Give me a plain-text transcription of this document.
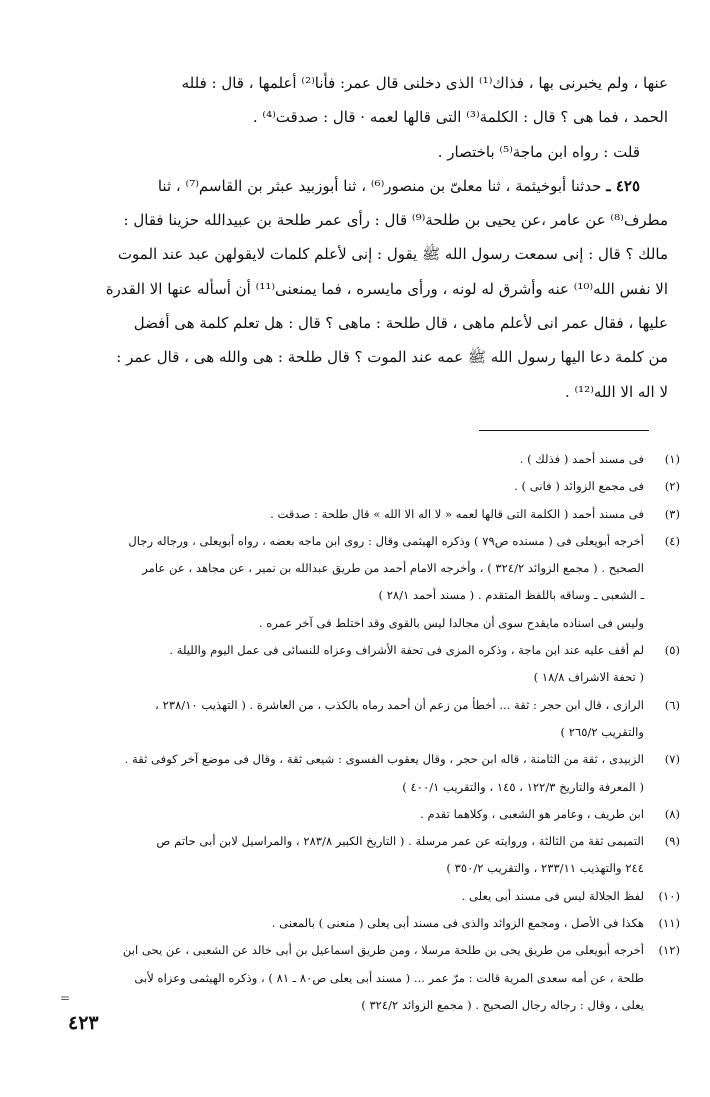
عنها ، ولم يخبرنى بها ، فذاك⁽¹⁾ الذى دخلنى قال عمر: فأنا⁽²⁾ أعلمها ، قال : فلله

الحمد ، فما هى ؟ قال : الكلمة⁽³⁾ التى قالها لعمه · قال : صدقت⁽⁴⁾ .

قلت : رواه ابن ماجة⁽⁵⁾ باختصار .

٤٢٥ ـ حدثنا أبوخيثمة ، ثنا معلىّ بن منصور⁽⁶⁾ ، ثنا أبوزبيد عبثر بن القاسم⁽⁷⁾ ، ثنا

مطرف⁽⁸⁾ عن عامر ،عن يحيى بن طلحة⁽⁹⁾ قال : رأى عمر طلحة بن عبيدالله حزينا فقال :

مالك ؟ قال : إنى سمعت رسول الله ﷺ يقول : إنى لأعلم كلمات لايقولهن عبد عند الموت

الا نفس الله⁽¹⁰⁾ عنه وأشرق له لونه ، ورأى مايسره ، فما يمنعنى⁽¹¹⁾ أن أسأله عنها الا القدرة

عليها ، فقال عمر انى لأعلم ماهى ، قال طلحة : ماهى ؟ قال : هل تعلم كلمة هى أفضل

من كلمة دعا اليها رسول الله ﷺ عمه عند الموت ؟ قال طلحة : هى والله هى ، قال عمر :

لا اله الا الله⁽¹²⁾ .

(١)
فى مسند أحمد ( فذلك ) .
(٢)
فى مجمع الزوائد ( فانى ) .
(٣)
فى مسند أحمد ( الكلمة التى قالها لعمه « لا اله الا الله » قال طلحة : صدقت .
(٤)
أخرجه أبويعلى فى ( مسنده ص٧٩ ) وذكره الهيثمى وقال : روى ابن ماجه بعضه ، رواه أبويعلى ، ورجاله رجال
الصحيح . ( مجمع الزوائد ٣٢٤/٢ ) ، وأخرجه الامام أحمد من طريق عبدالله بن نمير ، عن مجاهد ، عن عامر
ـ الشعبى ـ وساقه باللفظ المتقدم . ( مسند أحمد ٢٨/١ )
وليس فى اسناده مايقدح سوى أن مجالدا ليس بالقوى وقد اختلط فى آخر عمره .
(٥)
لم أقف عليه عند ابن ماجة ، وذكره المزى فى تحفة الأشراف وعزاه للنسائى فى عمل اليوم والليلة .
( تحفة الاشراف ١٨/٨ )
(٦)
الرازى ، قال ابن حجر : ثقة ... أخطأ من زعم أن أحمد رماه بالكذب ، من العاشرة . ( التهذيب ٢٣٨/١٠ ،
والتقريب ٢٦٥/٢ )
(٧)
الزبيدى ، ثقة من الثامنة ، قاله ابن حجر ، وقال يعقوب الفسوى : شيعى ثقة ، وقال فى موضع آخر كوفى ثقة .
( المعرفة والتاريخ ١٢٢/٣ ، ١٤٥ ، والتقريب ٤٠٠/١ )
(٨)
ابن طريف ، وعامر هو الشعبى ، وكلاهما تقدم .
(٩)
التميمى ثقة من الثالثة ، وروايته عن عمر مرسلة . ( التاريخ الكبير ٢٨٣/٨ ، والمراسيل لابن أبى حاتم ص
٢٤٤ والتهذيب ٢٣٣/١١ ، والتقريب ٣٥٠/٢ )
(١٠)
لفظ الجلالة ليس فى مسند أبى يعلى .
(١١)
هكذا فى الأصل ، ومجمع الزوائد والذى فى مسند أبى يعلى ( منعنى ) بالمعنى .
(١٢)
أخرجه أبويعلى من طريق يحى بن طلحة مرسلا ، ومن طريق اسماعيل بن أبى خالد عن الشعبى ، عن يحى ابن
طلحة ، عن أمه سعدى المرية قالت : مرّ عمر ... ( مسند أبى يعلى ص٨٠ ـ ٨١ ) ، وذكره الهيثمى وعزاه لأبى
يعلى ، وقال : رجاله رجال الصحيح . ( مجمع الزوائد ٣٢٤/٢ )
=
٤٢٣
